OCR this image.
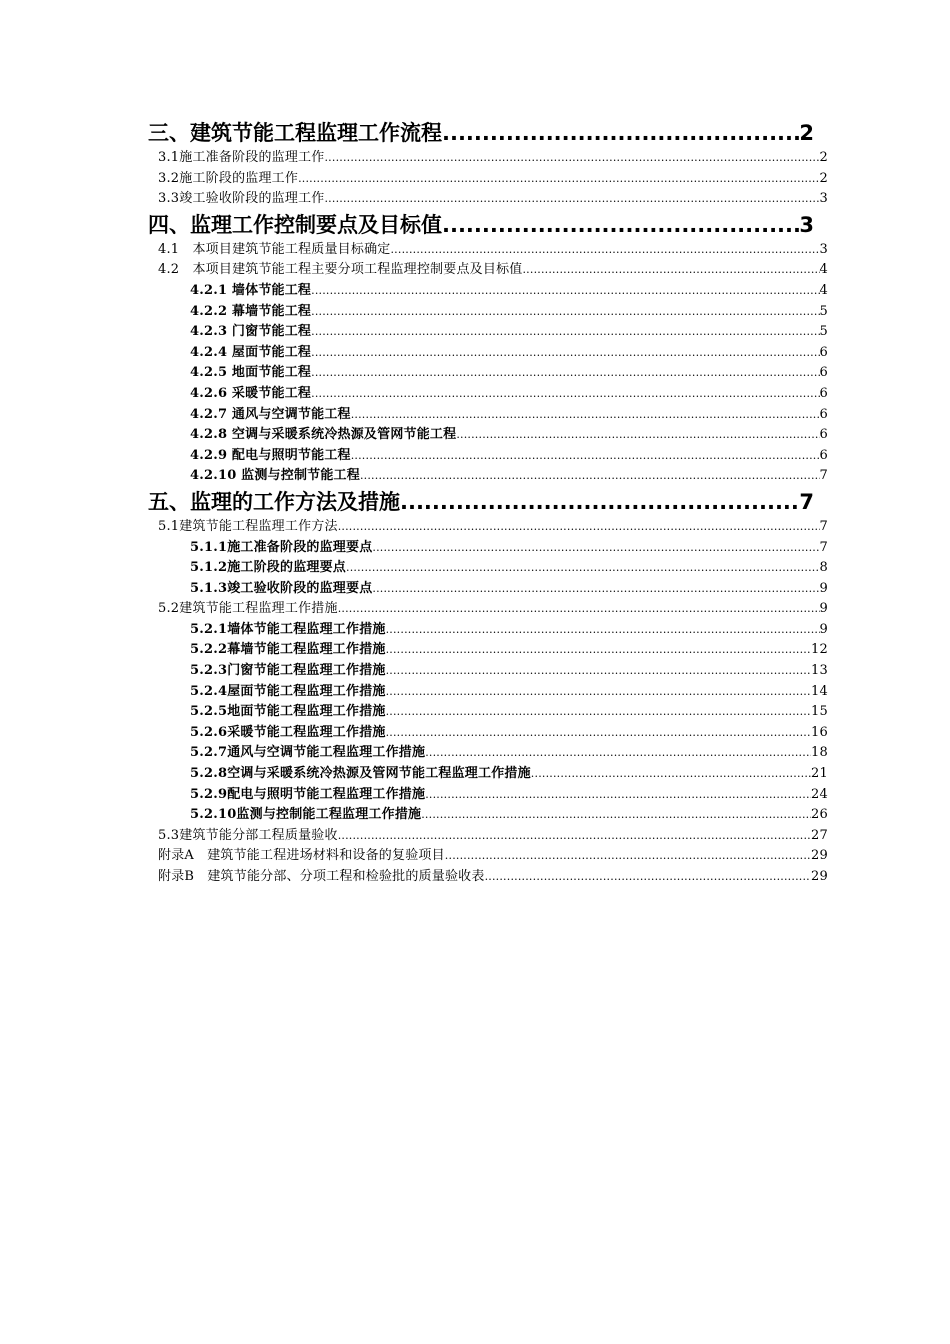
三、建筑节能工程监理工作流程 .....	2
3.1施工准备阶段的监理工作 .....	2
3.2施工阶段的监理工作 .....	2
3.3竣工验收阶段的监理工作 .....	3
四、监理工作控制要点及目标值 .....	3
4.1　本项目建筑节能工程质量目标确定 .....	3
4.2　本项目建筑节能工程主要分项工程监理控制要点及目标值 .....	4
4.2.1 墙体节能工程 .....	4
4.2.2 幕墙节能工程 .....	5
4.2.3 门窗节能工程 .....	5
4.2.4 屋面节能工程 .....	6
4.2.5 地面节能工程 .....	6
4.2.6 采暖节能工程 .....	6
4.2.7 通风与空调节能工程 .....	6
4.2.8 空调与采暖系统冷热源及管网节能工程 .....	6
4.2.9 配电与照明节能工程 .....	6
4.2.10 监测与控制节能工程 .....	7
五、监理的工作方法及措施 .....	7
5.1建筑节能工程监理工作方法 .....	7
5.1.1施工准备阶段的监理要点 .....	7
5.1.2施工阶段的监理要点 .....	8
5.1.3竣工验收阶段的监理要点 .....	9
5.2建筑节能工程监理工作措施 .....	9
5.2.1墙体节能工程监理工作措施 .....	9
5.2.2幕墙节能工程监理工作措施 .....	12
5.2.3门窗节能工程监理工作措施 .....	13
5.2.4屋面节能工程监理工作措施 .....	14
5.2.5地面节能工程监理工作措施 .....	15
5.2.6采暖节能工程监理工作措施 .....	16
5.2.7通风与空调节能工程监理工作措施 .....	18
5.2.8空调与采暖系统冷热源及管网节能工程监理工作措施 .....	21
5.2.9配电与照明节能工程监理工作措施 .....	24
5.2.10监测与控制能工程监理工作措施 .....	26
5.3建筑节能分部工程质量验收 .....	27
附录A　建筑节能工程进场材料和设备的复验项目 .....	29
附录B　建筑节能分部、分项工程和检验批的质量验收表 .....	29
